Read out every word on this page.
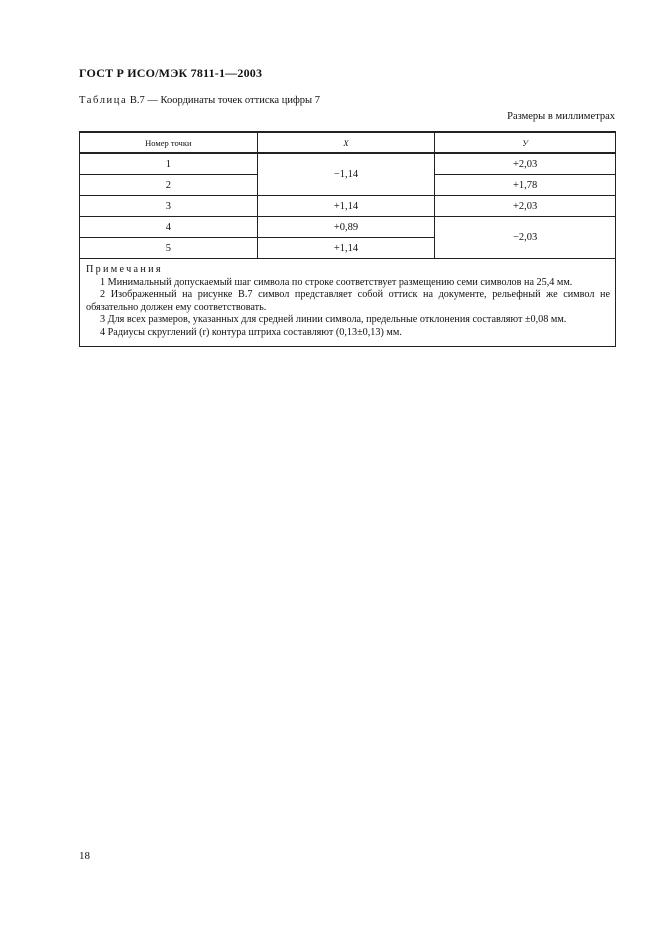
ГОСТ Р ИСО/МЭК 7811-1—2003
Таблица В.7 — Координаты точек оттиска цифры 7
Размеры в миллиметрах
Номер точки	X	У
1	−1,14	+2,03
2		+1,78
3	+1,14	+2,03
4	+0,89	−2,03
5	+1,14	

Примечания
1 Минимальный допускаемый шаг символа по строке соответствует размещению семи символов на 25,4 мм.
2 Изображенный на рисунке В.7 символ представляет собой оттиск на документе, рельефный же символ не обязательно должен ему соответствовать.
3 Для всех размеров, указанных для средней линии символа, предельные отклонения составляют ±0,08 мм.
4 Радиусы скруглений (r) контура штриха составляют (0,13±0,13) мм.		
18
